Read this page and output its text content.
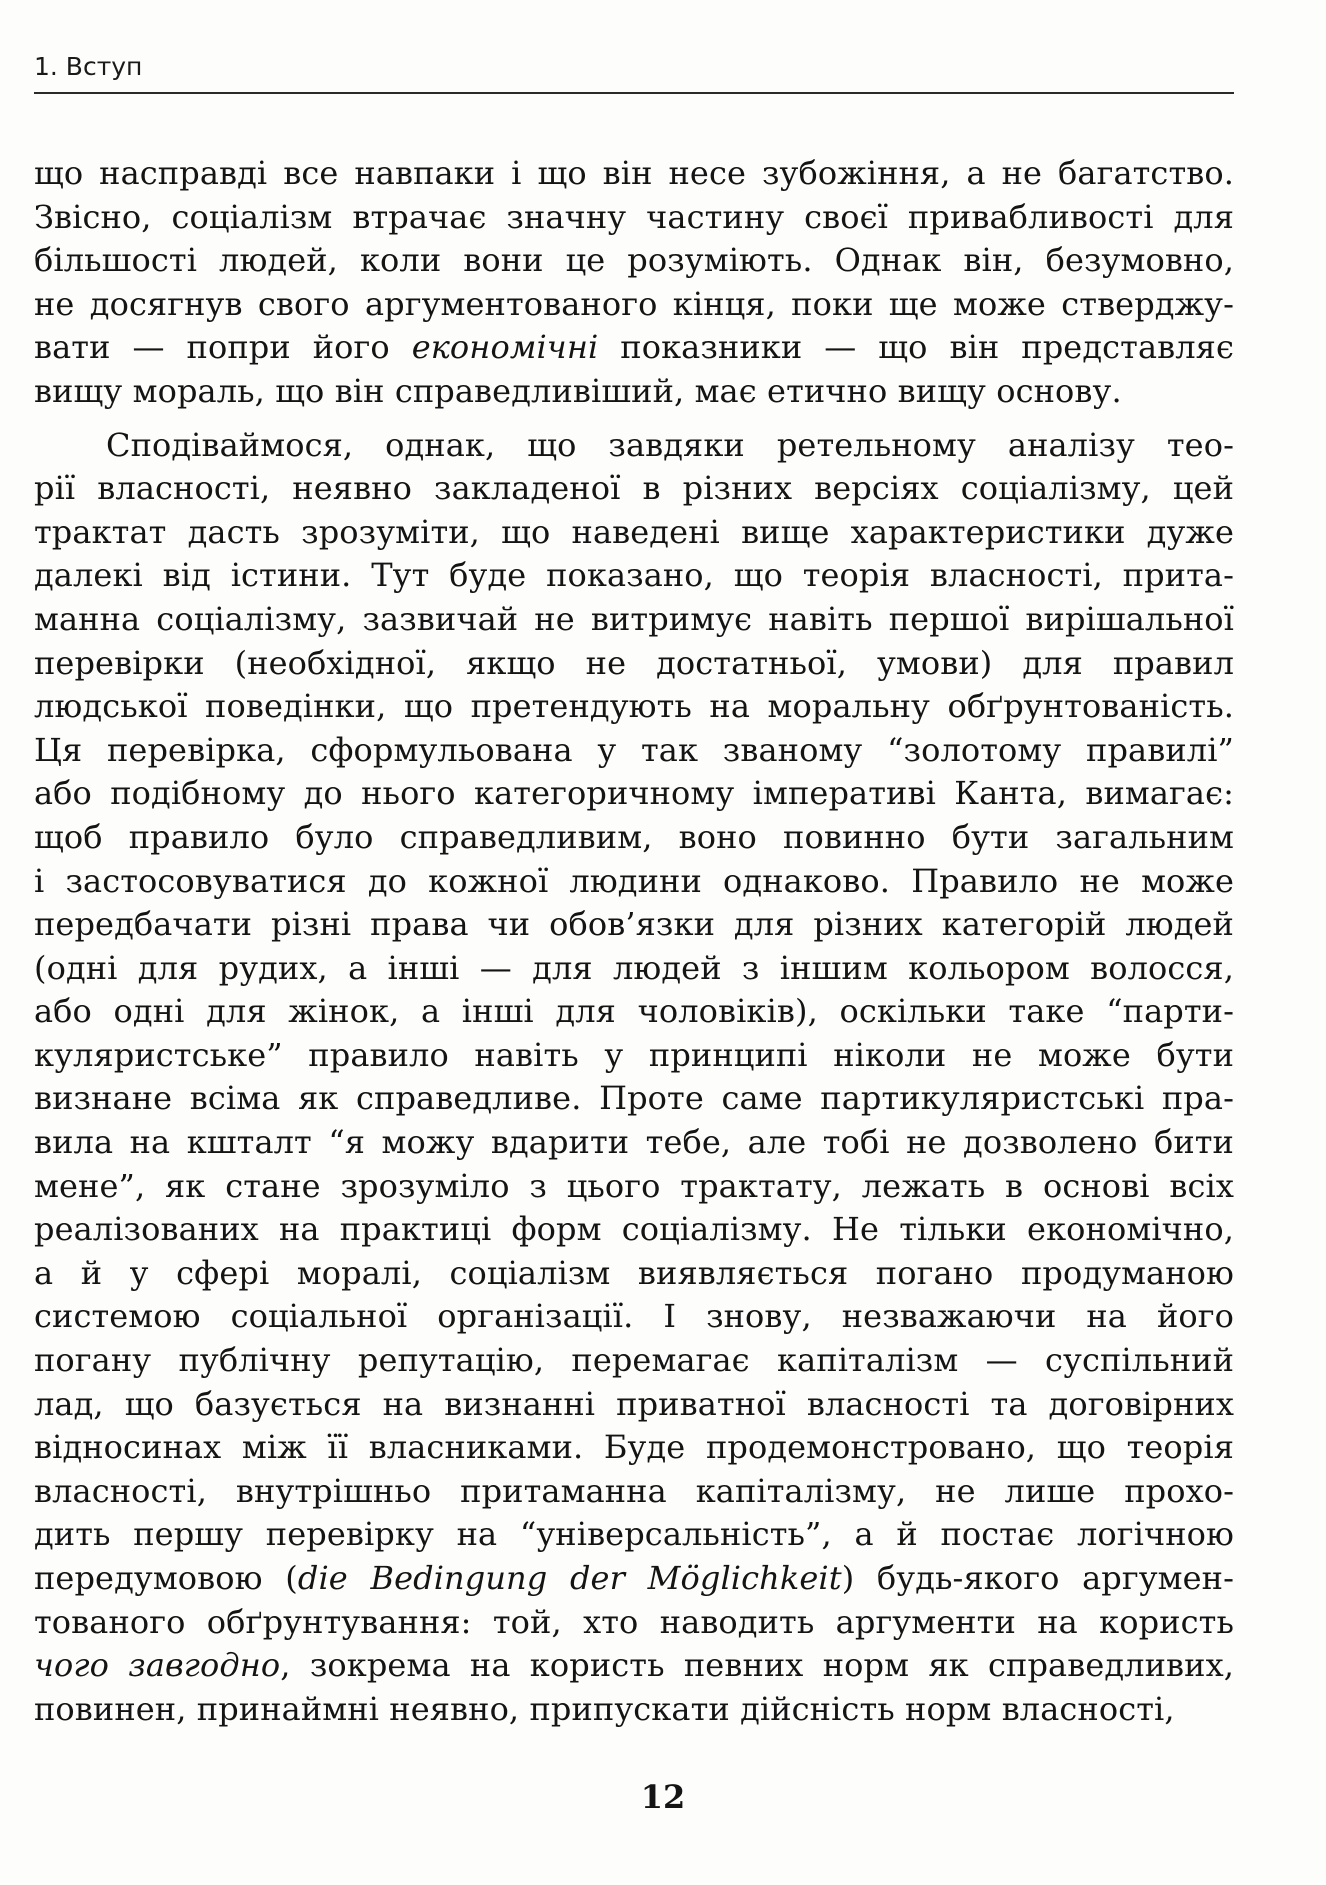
1. Вступ
що насправді все навпаки і що він несе зубожіння, а не багатство.
Звісно, соціалізм втрачає значну частину своєї привабливості для
більшості людей, коли вони це розуміють. Однак він, безумовно,
не досягнув свого аргументованого кінця, поки ще може стверджу-
вати — попри його економічні показники — що він представляє
вищу мораль, що він справедливіший, має етично вищу основу.
Сподіваймося, однак, що завдяки ретельному аналізу тео-
рії власності, неявно закладеної в різних версіях соціалізму, цей
трактат дасть зрозуміти, що наведені вище характеристики дуже
далекі від істини. Тут буде показано, що теорія власності, прита-
манна соціалізму, зазвичай не витримує навіть першої вирішальної
перевірки (необхідної, якщо не достатньої, умови) для правил
людської поведінки, що претендують на моральну обґрунтованість.
Ця перевірка, сформульована у так званому “золотому правилі”
або подібному до нього категоричному імперативі Канта, вимагає:
щоб правило було справедливим, воно повинно бути загальним
і застосовуватися до кожної людини однаково. Правило не може
передбачати різні права чи обов’язки для різних категорій людей
(одні для рудих, а інші — для людей з іншим кольором волосся,
або одні для жінок, а інші для чоловіків), оскільки таке “парти-
куляристське” правило навіть у принципі ніколи не може бути
визнане всіма як справедливе. Проте саме партикуляристські пра-
вила на кшталт “я можу вдарити тебе, але тобі не дозволено бити
мене”, як стане зрозуміло з цього трактату, лежать в основі всіх
реалізованих на практиці форм соціалізму. Не тільки економічно,
а й у сфері моралі, соціалізм виявляється погано продуманою
системою соціальної організації. І знову, незважаючи на його
погану публічну репутацію, перемагає капіталізм — суспільний
лад, що базується на визнанні приватної власності та договірних
відносинах між її власниками. Буде продемонстровано, що теорія
власності, внутрішньо притаманна капіталізму, не лише прохо-
дить першу перевірку на “універсальність”, а й постає логічною
передумовою (die Bedingung der Möglichkeit) будь-якого аргумен-
тованого обґрунтування: той, хто наводить аргументи на користь
чого завгодно, зокрема на користь певних норм як справедливих,
повинен, принаймні неявно, припускати дійсність норм власності,
12
